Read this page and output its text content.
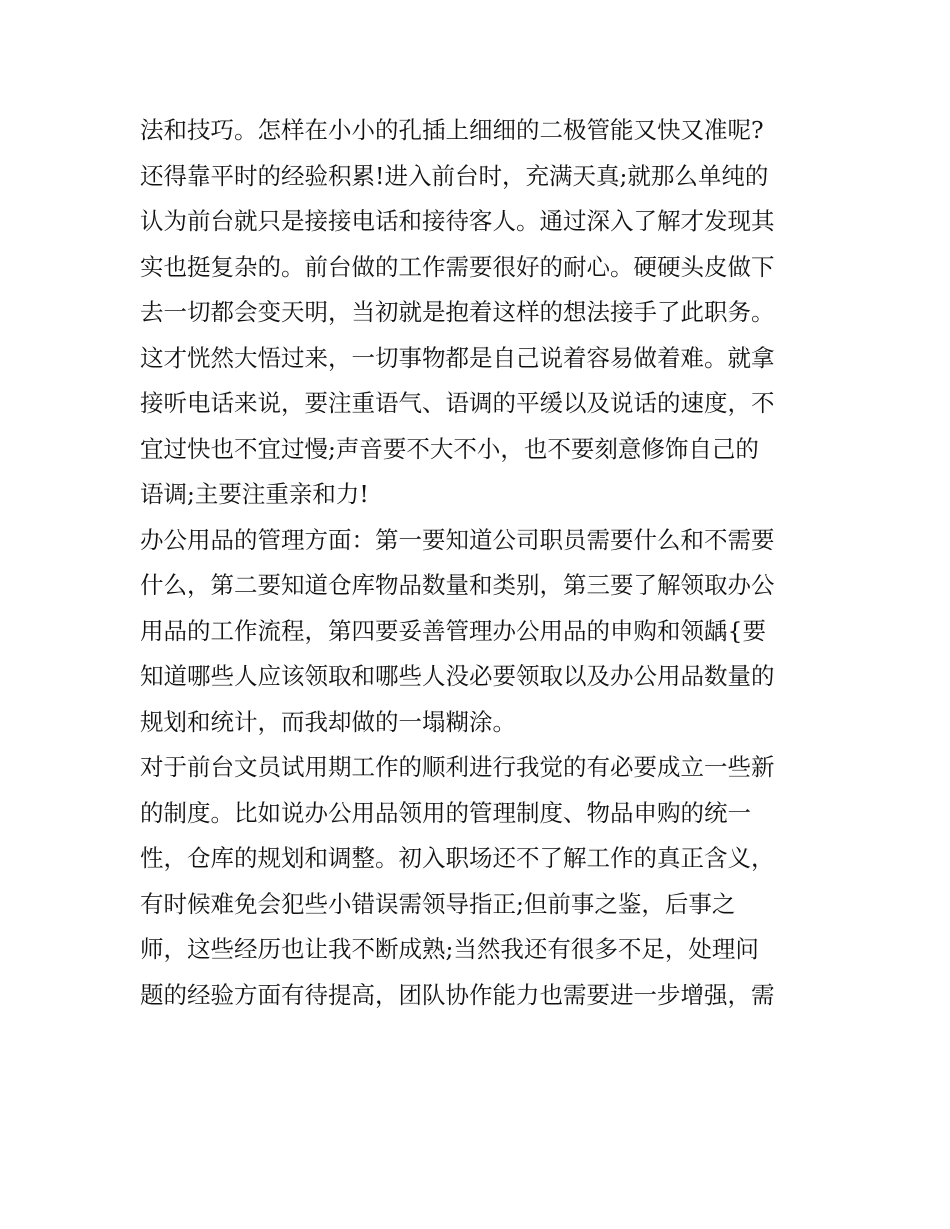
法和技巧。怎样在小小的孔插上细细的二极管能又快又准呢?
还得靠平时的经验积累!进入前台时，充满天真;就那么单纯的
认为前台就只是接接电话和接待客人。通过深入了解才发现其
实也挺复杂的。前台做的工作需要很好的耐心。硬硬头皮做下
去一切都会变天明，当初就是抱着这样的想法接手了此职务。
这才恍然大悟过来，一切事物都是自己说着容易做着难。就拿
接听电话来说，要注重语气、语调的平缓以及说话的速度，不
宜过快也不宜过慢;声音要不大不小，也不要刻意修饰自己的
语调;主要注重亲和力!
办公用品的管理方面：第一要知道公司职员需要什么和不需要
什么，第二要知道仓库物品数量和类别，第三要了解领取办公
用品的工作流程，第四要妥善管理办公用品的申购和领龋{要
知道哪些人应该领取和哪些人没必要领取以及办公用品数量的
规划和统计，而我却做的一塌糊涂。
对于前台文员试用期工作的顺利进行我觉的有必要成立一些新
的制度。比如说办公用品领用的管理制度、物品申购的统一
性，仓库的规划和调整。初入职场还不了解工作的真正含义，
有时候难免会犯些小错误需领导指正;但前事之鉴，后事之
师，这些经历也让我不断成熟;当然我还有很多不足，处理问
题的经验方面有待提高，团队协作能力也需要进一步增强，需
